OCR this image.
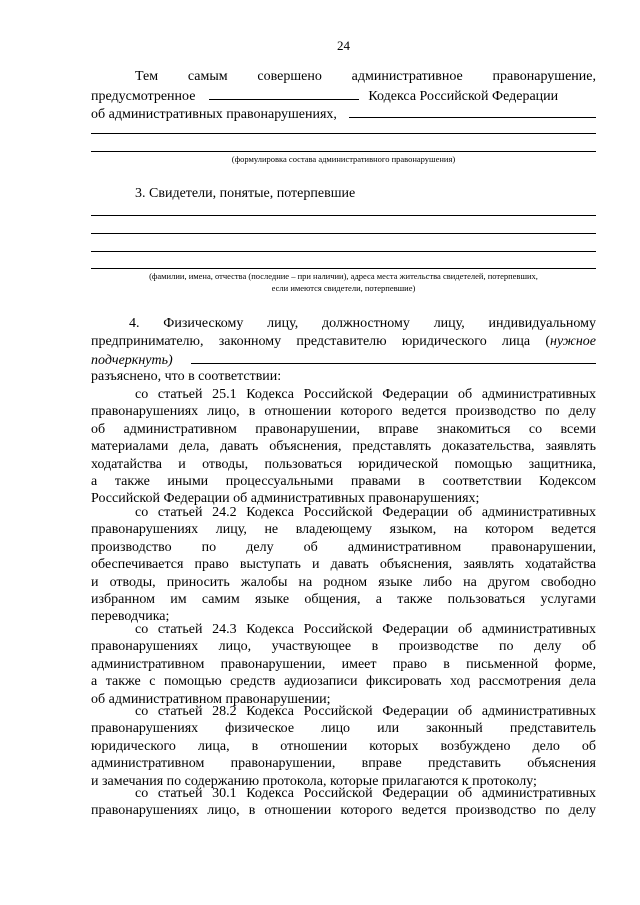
24
Тем самым совершено административное правонарушение,
предусмотренное	Кодекса Российской Федерации
об административных правонарушениях,
(формулировка состава административного правонарушения)
3. Свидетели, понятые, потерпевшие
(фамилии, имена, отчества (последние – при наличии), адреса места жительства свидетелей, потерпевших,
если имеются свидетели, потерпевшие)
4. Физическому лицу, должностному лицу, индивидуальному
предпринимателю, законному представителю юридического лица (нужное
подчеркнуть)
разъяснено, что в соответствии:
со статьей 25.1 Кодекса Российской Федерации об административных
правонарушениях лицо, в отношении которого ведется производство по делу
об административном правонарушении, вправе знакомиться со всеми
материалами дела, давать объяснения, представлять доказательства, заявлять
ходатайства и отводы, пользоваться юридической помощью защитника,
а также иными процессуальными правами в соответствии Кодексом
Российской Федерации об административных правонарушениях;
со статьей 24.2 Кодекса Российской Федерации об административных
правонарушениях лицу, не владеющему языком, на котором ведется
производство по делу об административном правонарушении,
обеспечивается право выступать и давать объяснения, заявлять ходатайства
и отводы, приносить жалобы на родном языке либо на другом свободно
избранном им самим языке общения, а также пользоваться услугами
переводчика;
со статьей 24.3 Кодекса Российской Федерации об административных
правонарушениях лицо, участвующее в производстве по делу об
административном правонарушении, имеет право в письменной форме,
а также с помощью средств аудиозаписи фиксировать ход рассмотрения дела
об административном правонарушении;
со статьей 28.2 Кодекса Российской Федерации об административных
правонарушениях физическое лицо или законный представитель
юридического лица, в отношении которых возбуждено дело об
административном правонарушении, вправе представить объяснения
и замечания по содержанию протокола, которые прилагаются к протоколу;
со статьей 30.1 Кодекса Российской Федерации об административных
правонарушениях лицо, в отношении которого ведется производство по делу
